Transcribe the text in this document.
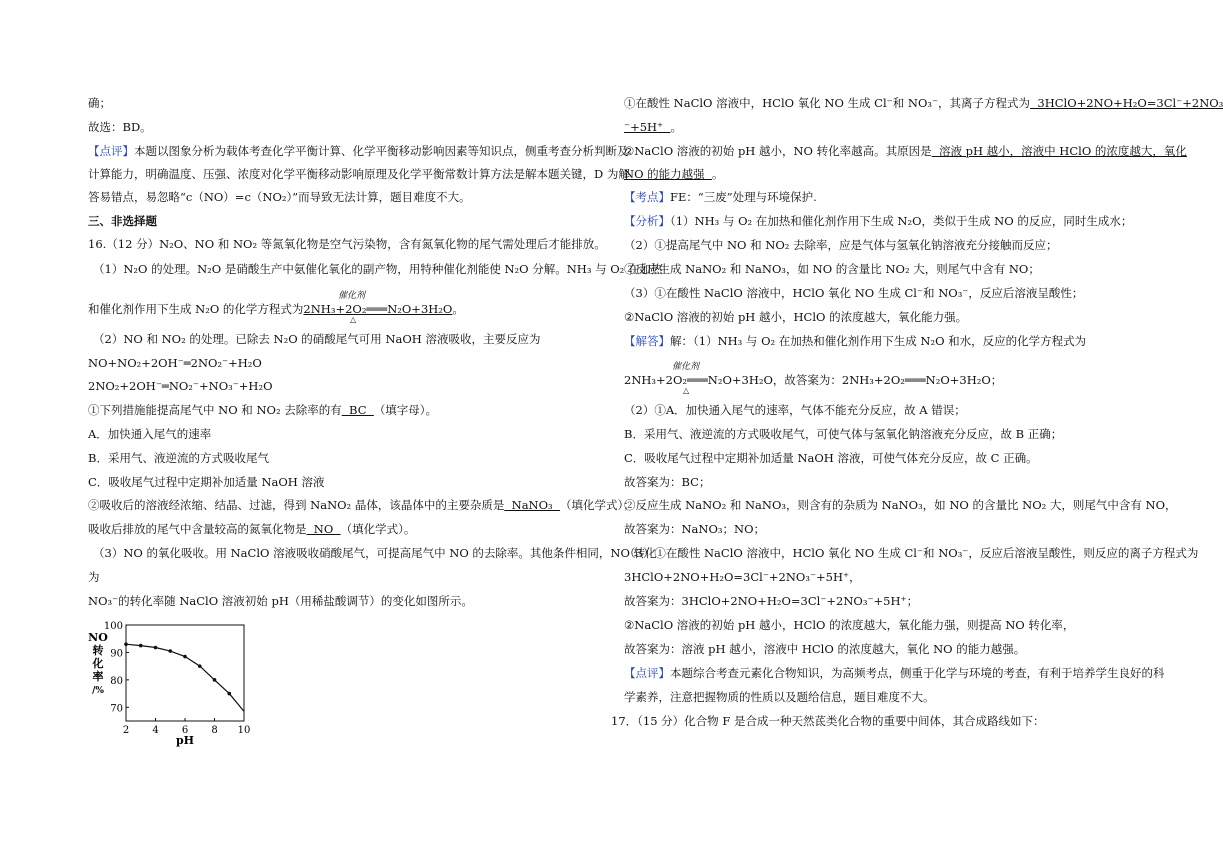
确；
故选：BD。
【点评】本题以图象分析为载体考查化学平衡计算、化学平衡移动影响因素等知识点，侧重考查分析判断及
计算能力，明确温度、压强、浓度对化学平衡移动影响原理及化学平衡常数计算方法是解本题关键，D 为解
答易错点，易忽略“c（NO）=c（NO₂）”而导致无法计算，题目难度不大。
三、非选择题
16.（12 分）N₂O、NO 和 NO₂ 等氮氧化物是空气污染物，含有氮氧化物的尾气需处理后才能排放。
（1）N₂O 的处理。N₂O 是硝酸生产中氨催化氧化的副产物，用特种催化剂能使 N₂O 分解。NH₃ 与 O₂ 在加热
催化剂
和催化剂作用下生成 N₂O 的化学方程式为2NH₃+2O₂═══N₂O+3H₂O。
△
（2）NO 和 NO₂ 的处理。已除去 N₂O 的硝酸尾气可用 NaOH 溶液吸收，主要反应为
NO+NO₂+2OH⁻═2NO₂⁻+H₂O
2NO₂+2OH⁻═NO₂⁻+NO₃⁻+H₂O
①下列措施能提高尾气中 NO 和 NO₂ 去除率的有  BC  （填字母）。
A．加快通入尾气的速率
B．采用气、液逆流的方式吸收尾气
C．吸收尾气过程中定期补加适量 NaOH 溶液
②吸收后的溶液经浓缩、结晶、过滤，得到 NaNO₂ 晶体，该晶体中的主要杂质是  NaNO₃  （填化学式）；
吸收后排放的尾气中含量较高的氮氧化物是  NO  （填化学式）。
（3）NO 的氧化吸收。用 NaClO 溶液吸收硝酸尾气，可提高尾气中 NO 的去除率。其他条件相同，NO 转化
为
NO₃⁻的转化率随 NaClO 溶液初始 pH（用稀盐酸调节）的变化如图所示。
NO
转
化
率
/%
70
80
90
100
2 4 6 8 10
pH
①在酸性 NaClO 溶液中，HClO 氧化 NO 生成 Cl⁻和 NO₃⁻，其离子方程式为  3HClO+2NO+H₂O=3Cl⁻+2NO₃
⁻+5H⁺  。
②NaClO 溶液的初始 pH 越小，NO 转化率越高。其原因是  溶液 pH 越小，溶液中 HClO 的浓度越大，氧化
NO 的能力越强  。
【考点】FE：“三废”处理与环境保护.
【分析】（1）NH₃ 与 O₂ 在加热和催化剂作用下生成 N₂O，类似于生成 NO 的反应，同时生成水；
（2）①提高尾气中 NO 和 NO₂ 去除率，应是气体与氢氧化钠溶液充分接触而反应；
②反应生成 NaNO₂ 和 NaNO₃，如 NO 的含量比 NO₂ 大，则尾气中含有 NO；
（3）①在酸性 NaClO 溶液中，HClO 氧化 NO 生成 Cl⁻和 NO₃⁻，反应后溶液呈酸性；
②NaClO 溶液的初始 pH 越小，HClO 的浓度越大，氧化能力强。
【解答】解：（1）NH₃ 与 O₂ 在加热和催化剂作用下生成 N₂O 和水，反应的化学方程式为
催化剂
2NH₃+2O₂═══N₂O+3H₂O，故答案为：2NH₃+2O₂═══N₂O+3H₂O；
△
（2）①A．加快通入尾气的速率，气体不能充分反应，故 A 错误；
B．采用气、液逆流的方式吸收尾气，可使气体与氢氧化钠溶液充分反应，故 B 正确；
C．吸收尾气过程中定期补加适量 NaOH 溶液，可使气体充分反应，故 C 正确。
故答案为：BC；
②反应生成 NaNO₂ 和 NaNO₃，则含有的杂质为 NaNO₃，如 NO 的含量比 NO₂ 大，则尾气中含有 NO，
故答案为：NaNO₃；NO；
（3）①在酸性 NaClO 溶液中，HClO 氧化 NO 生成 Cl⁻和 NO₃⁻，反应后溶液呈酸性，则反应的离子方程式为
3HClO+2NO+H₂O=3Cl⁻+2NO₃⁻+5H⁺，
故答案为：3HClO+2NO+H₂O=3Cl⁻+2NO₃⁻+5H⁺；
②NaClO 溶液的初始 pH 越小，HClO 的浓度越大，氧化能力强，则提高 NO 转化率，
故答案为：溶液 pH 越小，溶液中 HClO 的浓度越大，氧化 NO 的能力越强。
【点评】本题综合考查元素化合物知识，为高频考点，侧重于化学与环境的考查，有利于培养学生良好的科
学素养，注意把握物质的性质以及题给信息，题目难度不大。
17．（15 分）化合物 F 是合成一种天然茋类化合物的重要中间体，其合成路线如下：
